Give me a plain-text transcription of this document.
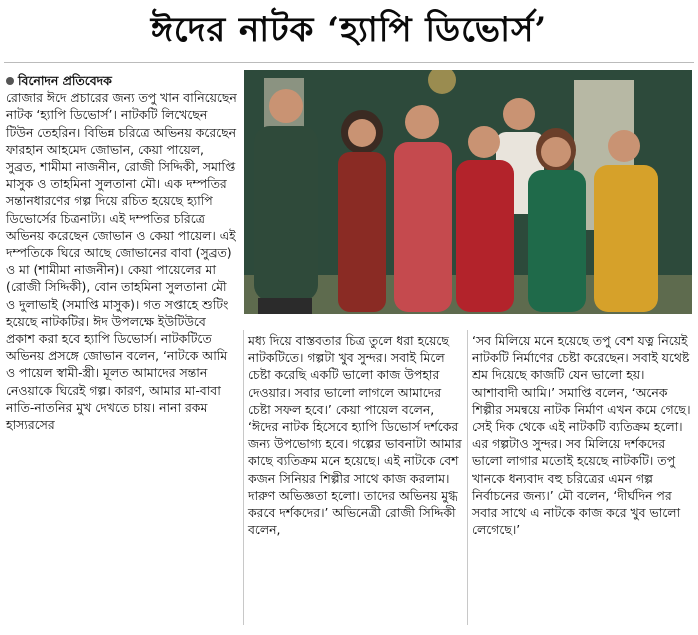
ঈদের নাটক ‘হ্যাপি ডিভোর্স’
বিনোদন প্রতিবেদক

রোজার ঈদে প্রচারের জন্য তপু খান বানিয়েছেন নাটক ‘হ্যাপি ডিভোর্স’। নাটকটি লিখেছেন টিউন তেহরিন। বিভিন্ন চরিত্রে অভিনয় করেছেন ফারহান আহমেদ জোভান, কেয়া পায়েল, সুব্রত, শামীমা নাজনীন, রোজী সিদ্দিকী, সমাপ্তি মাসুক ও তাহমিনা সুলতানা মৌ। এক দম্পতির সন্তানধারণের গল্প দিয়ে রচিত হয়েছে হ্যাপি ডিভোর্সের চিত্রনাট্য। এই দম্পতির চরিত্রে অভিনয় করেছেন জোভান ও কেয়া পায়েল। এই দম্পতিকে ঘিরে আছে জোভানের বাবা (সুব্রত) ও মা (শামীমা নাজনীন)। কেয়া পায়েলের মা (রোজী সিদ্দিকী), বোন তাহমিনা সুলতানা মৌ ও দুলাভাই (সমাপ্তি মাসুক)। গত সপ্তাহে শুটিং হয়েছে নাটকটির। ঈদ উপলক্ষে ইউটিউবে প্রকাশ করা হবে হ্যাপি ডিভোর্স। নাটকটিতে অভিনয় প্রসঙ্গে জোভান বলেন, ‘নাটকে আমি ও পায়েল স্বামী-স্ত্রী। মূলত আমাদের সন্তান নেওয়াকে ঘিরেই গল্প। কারণ, আমার মা-বাবা নাতি-নাতনির মুখ দেখতে চায়। নানা রকম হাস্যরসের

মধ্য দিয়ে বাস্তবতার চিত্র তুলে ধরা হয়েছে নাটকটিতে। গল্পটা খুব সুন্দর। সবাই মিলে চেষ্টা করেছি একটি ভালো কাজ উপহার দেওয়ার। সবার ভালো লাগলে আমাদের চেষ্টা সফল হবে।’ কেয়া পায়েল বলেন, ‘ঈদের নাটক হিসেবে হ্যাপি ডিভোর্স দর্শকের জন্য উপভোগ্য হবে। গল্পের ভাবনাটা আমার কাছে ব্যতিক্রম মনে হয়েছে। এই নাটকে বেশ কজন সিনিয়র শিল্পীর সাথে কাজ করলাম। দারুণ অভিজ্ঞতা হলো। তাদের অভিনয় মুগ্ধ করবে দর্শকদের।’ অভিনেত্রী রোজী সিদ্দিকী বলেন,

‘সব মিলিয়ে মনে হয়েছে তপু বেশ যত্ন নিয়েই নাটকটি নির্মাণের চেষ্টা করেছেন। সবাই যথেষ্ট শ্রম দিয়েছে কাজটি যেন ভালো হয়। আশাবাদী আমি।’ সমাপ্তি বলেন, ‘অনেক শিল্পীর সমন্বয়ে নাটক নির্মাণ এখন কমে গেছে। সেই দিক থেকে এই নাটকটি ব্যতিক্রম হলো। এর গল্পটাও সুন্দর। সব মিলিয়ে দর্শকদের ভালো লাগার মতোই হয়েছে নাটকটি। তপু খানকে ধন্যবাদ বহু চরিত্রের এমন গল্প নির্বাচনের জন্য।’ মৌ বলেন, ‘দীর্ঘদিন পর সবার সাথে এ নাটকে কাজ করে খুব ভালো লেগেছে।’
